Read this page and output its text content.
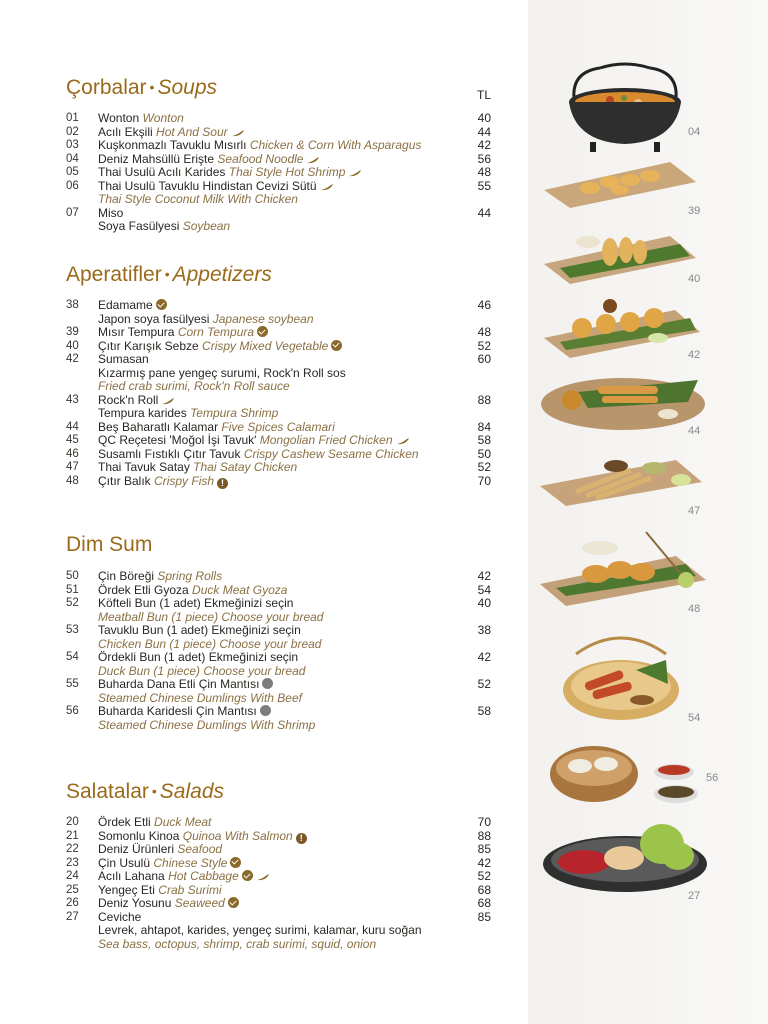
Çorbalar • Soups	TL
01	Wonton Wonton	40
02	Acılı Ekşili Hot And Sour	44
03	Kuşkonmazlı Tavuklu Mısırlı Chicken & Corn With Asparagus	42
04	Deniz Mahsüllü Erişte Seafood Noodle	56
05	Thai Usulü Acılı Karides Thai Style Hot Shrimp	48
06	Thai Usulü Tavuklu Hindistan Cevizi Sütü	55
Thai Style Coconut Milk With Chicken
07	Miso	44
Soya Fasülyesi Soybean
Aperatifler • Appetizers
38	Edamame	46
Japon soya fasülyesi Japanese soybean
39	Mısır Tempura Corn Tempura	48
40	Çıtır Karışık Sebze Crispy Mixed Vegetable	52
42	Sumasan	60
Kızarmış pane yengeç surumi, Rock'n Roll sos
Fried crab surimi, Rock'n Roll sauce
43	Rock'n Roll	88
Tempura karides Tempura Shrimp
44	Beş Baharatlı Kalamar Five Spices Calamari	84
45	QC Reçetesi 'Moğol İşi Tavuk' Mongolian Fried Chicken	58
46	Susamlı Fıstıklı Çıtır Tavuk Crispy Cashew Sesame Chicken	50
47	Thai Tavuk Satay Thai Satay Chicken	52
48	Çıtır Balık Crispy Fish !	70
Dim Sum
50	Çin Böreği Spring Rolls	42
51	Ördek Etli Gyoza Duck Meat Gyoza	54
52	Köfteli Bun (1 adet) Ekmeğinizi seçin	40
Meatball Bun (1 piece) Choose your bread
53	Tavuklu Bun (1 adet) Ekmeğinizi seçin	38
Chicken Bun (1 piece) Choose your bread
54	Ördekli Bun (1 adet) Ekmeğinizi seçin	42
Duck Bun (1 piece) Choose your bread
55	Buharda Dana Etli Çin Mantısı	52
Steamed Chinese Dumlings With Beef
56	Buharda Karidesli Çin Mantısı	58
Steamed Chinese Dumlings With Shrimp
Salatalar • Salads
20	Ördek Etli Duck Meat	70
21	Somonlu Kinoa Quinoa With Salmon !	88
22	Deniz Ürünleri Seafood	85
23	Çin Usulü Chinese Style	42
24	Acılı Lahana Hot Cabbage	52
25	Yengeç Eti Crab Surimi	68
26	Deniz Yosunu Seaweed	68
27	Ceviche	85
Levrek, ahtapot, karides, yengeç surimi, kalamar, kuru soğan
Sea bass, octopus, shrimp, crab surimi, squid, onion
04
39
40
42
44
47
48
54
56
27
